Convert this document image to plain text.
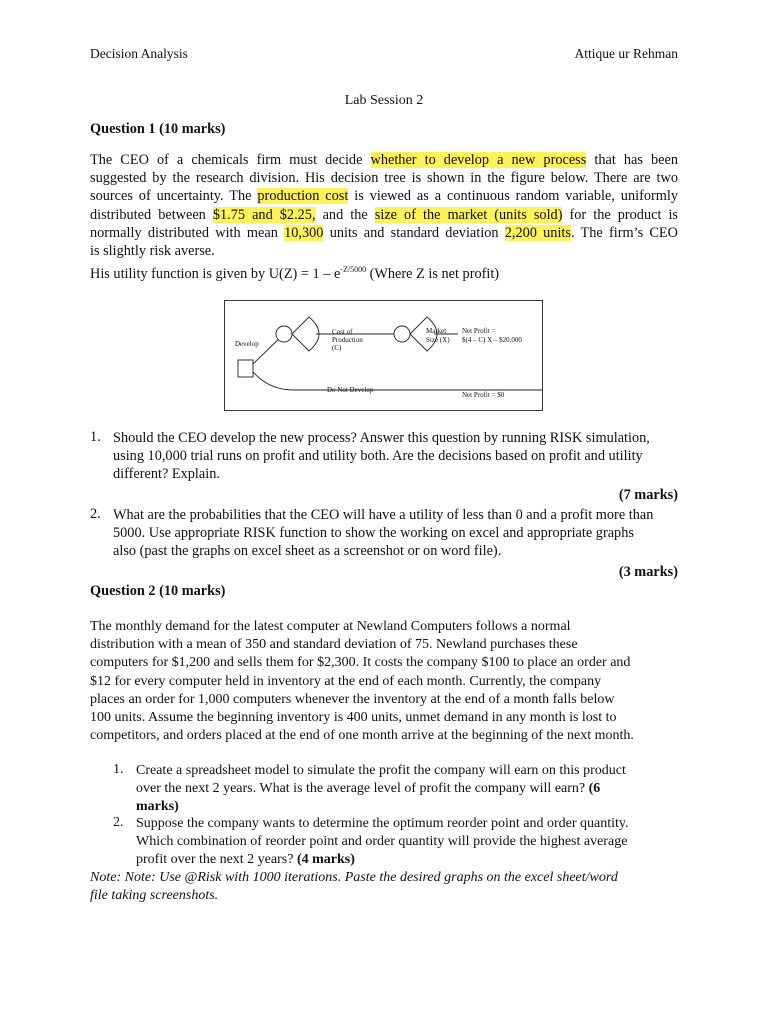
Decision Analysis	Attique ur Rehman
Lab Session 2
Question 1 (10 marks)
The CEO of a chemicals firm must decide whether to develop a new process that has been
suggested by the research division. His decision tree is shown in the figure below. There are two
sources of uncertainty. The production cost is viewed as a continuous random variable, uniformly
distributed between $1.75 and $2.25, and the size of the market (units sold) for the product is
normally distributed with mean 10,300 units and standard deviation 2,200 units. The firm’s CEO
is slightly risk averse.
His utility function is given by $U(Z) = 1 - e^{-Z/5000}$ (Where Z is net profit)
Develop
Cost of
Production
(C)
Market
Size (X)
Net Profit =
$(4 – C) X – $20,000
Do Not Develop
Net Profit = $0
1. Should the CEO develop the new process? Answer this question by running RISK simulation,
using 10,000 trial runs on profit and utility both. Are the decisions based on profit and utility
different? Explain.
(7 marks)
2. What are the probabilities that the CEO will have a utility of less than 0 and a profit more than
5000. Use appropriate RISK function to show the working on excel and appropriate graphs
also (past the graphs on excel sheet as a screenshot or on word file).
(3 marks)
Question 2 (10 marks)
The monthly demand for the latest computer at Newland Computers follows a normal
distribution with a mean of 350 and standard deviation of 75. Newland purchases these
computers for $1,200 and sells them for $2,300. It costs the company $100 to place an order and
$12 for every computer held in inventory at the end of each month. Currently, the company
places an order for 1,000 computers whenever the inventory at the end of a month falls below
100 units. Assume the beginning inventory is 400 units, unmet demand in any month is lost to
competitors, and orders placed at the end of one month arrive at the beginning of the next month.
1. Create a spreadsheet model to simulate the profit the company will earn on this product
over the next 2 years. What is the average level of profit the company will earn? (6
marks)
2. Suppose the company wants to determine the optimum reorder point and order quantity.
Which combination of reorder point and order quantity will provide the highest average
profit over the next 2 years? (4 marks)
Note: Note: Use @Risk with 1000 iterations. Paste the desired graphs on the excel sheet/word
file taking screenshots.
